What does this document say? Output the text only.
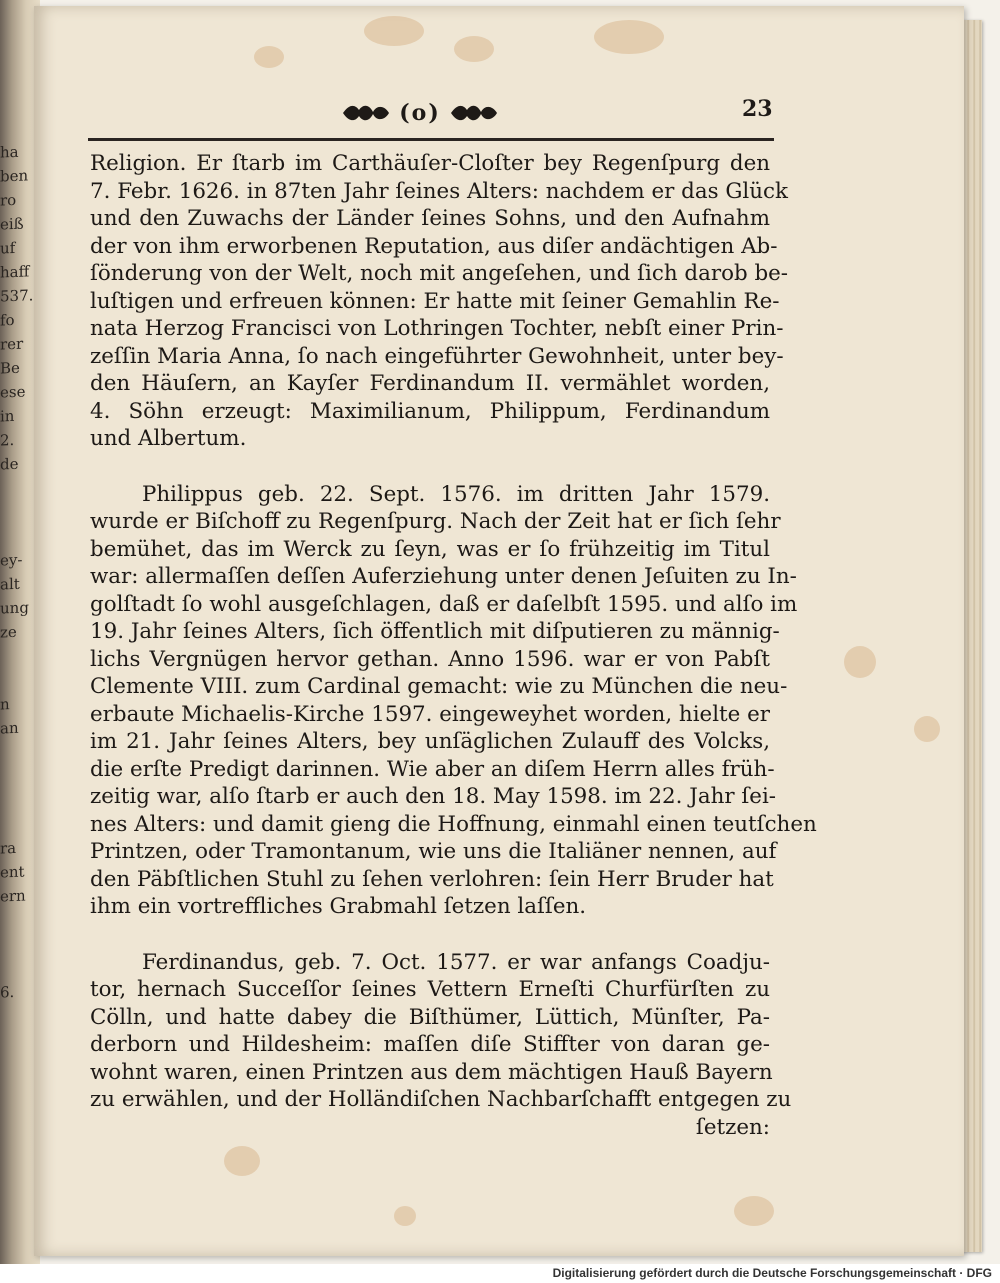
ha
ben
ro
eiß
uf
haff
537.
fo
rer
Be
ese
in
2.
de

ey-
alt
ung
ze

n
an

ra
ent
ern

6.

(o)	23
Religion. Er ſtarb im Carthäuſer-Cloſter bey Regenſpurg den
7. Febr. 1626. in 87ten Jahr ſeines Alters: nachdem er das Glück
und den Zuwachs der Länder ſeines Sohns, und den Aufnahm
der von ihm erworbenen Reputation, aus diſer andächtigen Ab-
ſönderung von der Welt, noch mit angeſehen, und ſich darob be-
luſtigen und erfreuen können: Er hatte mit ſeiner Gemahlin Re-
nata Herzog Francisci von Lothringen Tochter, nebſt einer Prin-
zeſſin Maria Anna, ſo nach eingeführter Gewohnheit, unter bey-
den Häuſern, an Kayſer Ferdinandum II. vermählet worden,
4. Söhn erzeugt: Maximilianum, Philippum, Ferdinandum
und Albertum.
Philippus geb. 22. Sept. 1576. im dritten Jahr 1579.
wurde er Biſchoff zu Regenſpurg. Nach der Zeit hat er ſich ſehr
bemühet, das im Werck zu ſeyn, was er ſo frühzeitig im Titul
war: allermaſſen deſſen Auferziehung unter denen Jeſuiten zu In-
golſtadt ſo wohl ausgeſchlagen, daß er daſelbſt 1595. und alſo im
19. Jahr ſeines Alters, ſich öffentlich mit diſputieren zu männig-
lichs Vergnügen hervor gethan. Anno 1596. war er von Pabſt
Clemente VIII. zum Cardinal gemacht: wie zu München die neu-
erbaute Michaelis-Kirche 1597. eingeweyhet worden, hielte er
im 21. Jahr ſeines Alters, bey unſäglichen Zulauff des Volcks,
die erſte Predigt darinnen. Wie aber an diſem Herrn alles früh-
zeitig war, alſo ſtarb er auch den 18. May 1598. im 22. Jahr ſei-
nes Alters: und damit gieng die Hoffnung, einmahl einen teutſchen
Printzen, oder Tramontanum, wie uns die Italiäner nennen, auf
den Päbſtlichen Stuhl zu ſehen verlohren: ſein Herr Bruder hat
ihm ein vortreffliches Grabmahl ſetzen laſſen.
Ferdinandus, geb. 7. Oct. 1577. er war anfangs Coadju-
tor, hernach Succeſſor ſeines Vettern Erneſti Churfürſten zu
Cölln, und hatte dabey die Biſthümer, Lüttich, Münſter, Pa-
derborn und Hildesheim: maſſen diſe Stiffter von daran ge-
wohnt waren, einen Printzen aus dem mächtigen Hauß Bayern
zu erwählen, und der Holländiſchen Nachbarſchafft entgegen zu
ſetzen:
Digitalisierung gefördert durch die Deutsche Forschungsgemeinschaft · DFG
